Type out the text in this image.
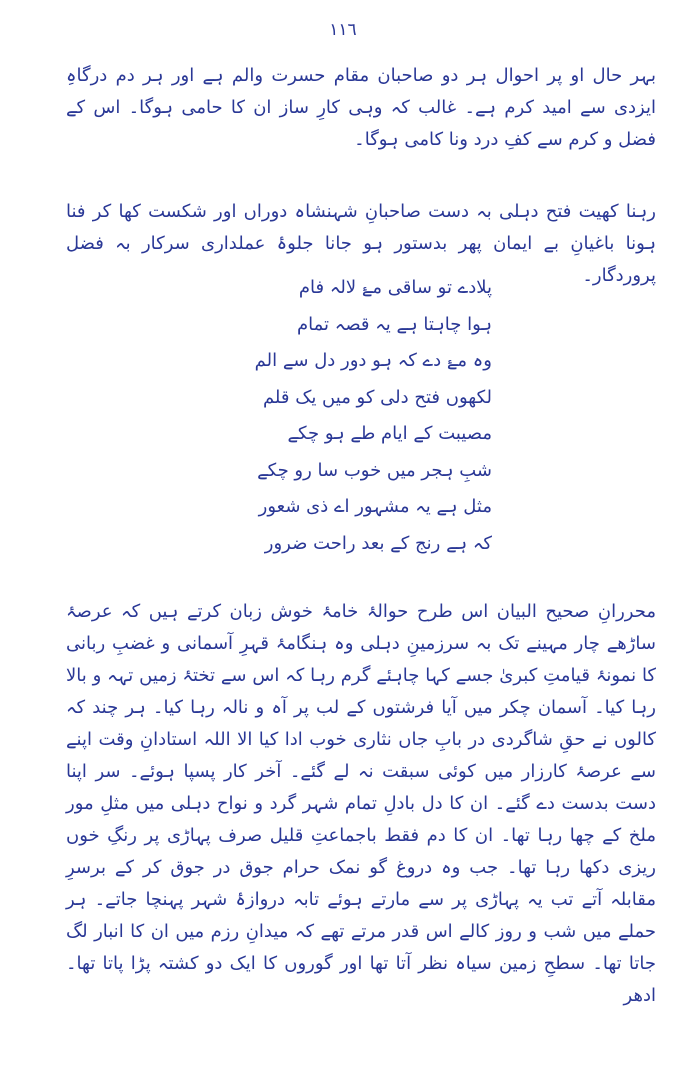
١١٦

بہر حال او پر احوال ہر دو صاحبان مقام حسرت والم ہے اور ہر دم درگاہِ ایزدی سے امید کرم ہے۔ غالب کہ وہی کارِ ساز ان کا حامی ہوگا۔ اس کے فضل و کرم سے کفِ درد ونا کامی ہوگا۔

رہنا کھیت فتح دہلی بہ دست صاحبانِ شہنشاہ دوراں اور شکست کھا کر فنا ہونا باغیانِ بے ایمان پھر بدستور ہو جانا جلوۂ عملداری سرکار بہ فضل پروردگار۔

پلادے تو ساقی مۓ لالہ فام
ہوا چاہتا ہے یہ قصہ تمام
وہ مۓ دے کہ ہو دور دل سے الم
لکھوں فتح دلی کو میں یک قلم
مصیبت کے ایام طے ہو چکے
شبِ ہجر میں خوب سا رو چکے
مثل ہے یہ مشہور اے ذی شعور
کہ ہے رنج کے بعد راحت ضرور

محررانِ صحیح البیان اس طرح حوالۂ خامۂ خوش زبان کرتے ہیں کہ عرصۂ ساڑھے چار مہینے تک بہ سرزمینِ دہلی وہ ہنگامۂ قہرِ آسمانی و غضبِ ربانی کا نمونۂ قیامتِ کبریٰ جسے کہا چاہئے گرم رہا کہ اس سے تختۂ زمیں تہہ و بالا رہا کیا۔ آسمان چکر میں آیا فرشتوں کے لب پر آہ و نالہ رہا کیا۔ ہر چند کہ کالوں نے حقِ شاگردی در بابِ جاں نثاری خوب ادا کیا الا اللہ استادانِ وقت اپنے سے عرصۂ کارزار میں کوئی سبقت نہ لے گئے۔ آخر کار پسپا ہوئے۔ سر اپنا دست بدست دے گئے۔ ان کا دل بادلِ تمام شہر گرد و نواح دہلی میں مثلِ مور ملخ کے چھا رہا تھا۔ ان کا دم فقط باجماعتِ قلیل صرف پہاڑی پر رنگِ خوں ریزی دکھا رہا تھا۔ جب وہ دروغ گو نمک حرام جوق در جوق کر کے برسرِ مقابلہ آتے تب یہ پہاڑی پر سے مارتے ہوئے تابہ دروازۂ شہر پہنچا جاتے۔ ہر حملے میں شب و روز کالے اس قدر مرتے تھے کہ میدانِ رزم میں ان کا انبار لگ جاتا تھا۔ سطحِ زمین سیاہ نظر آتا تھا اور گوروں کا ایک دو کشتہ پڑا پاتا تھا۔ ادھر
